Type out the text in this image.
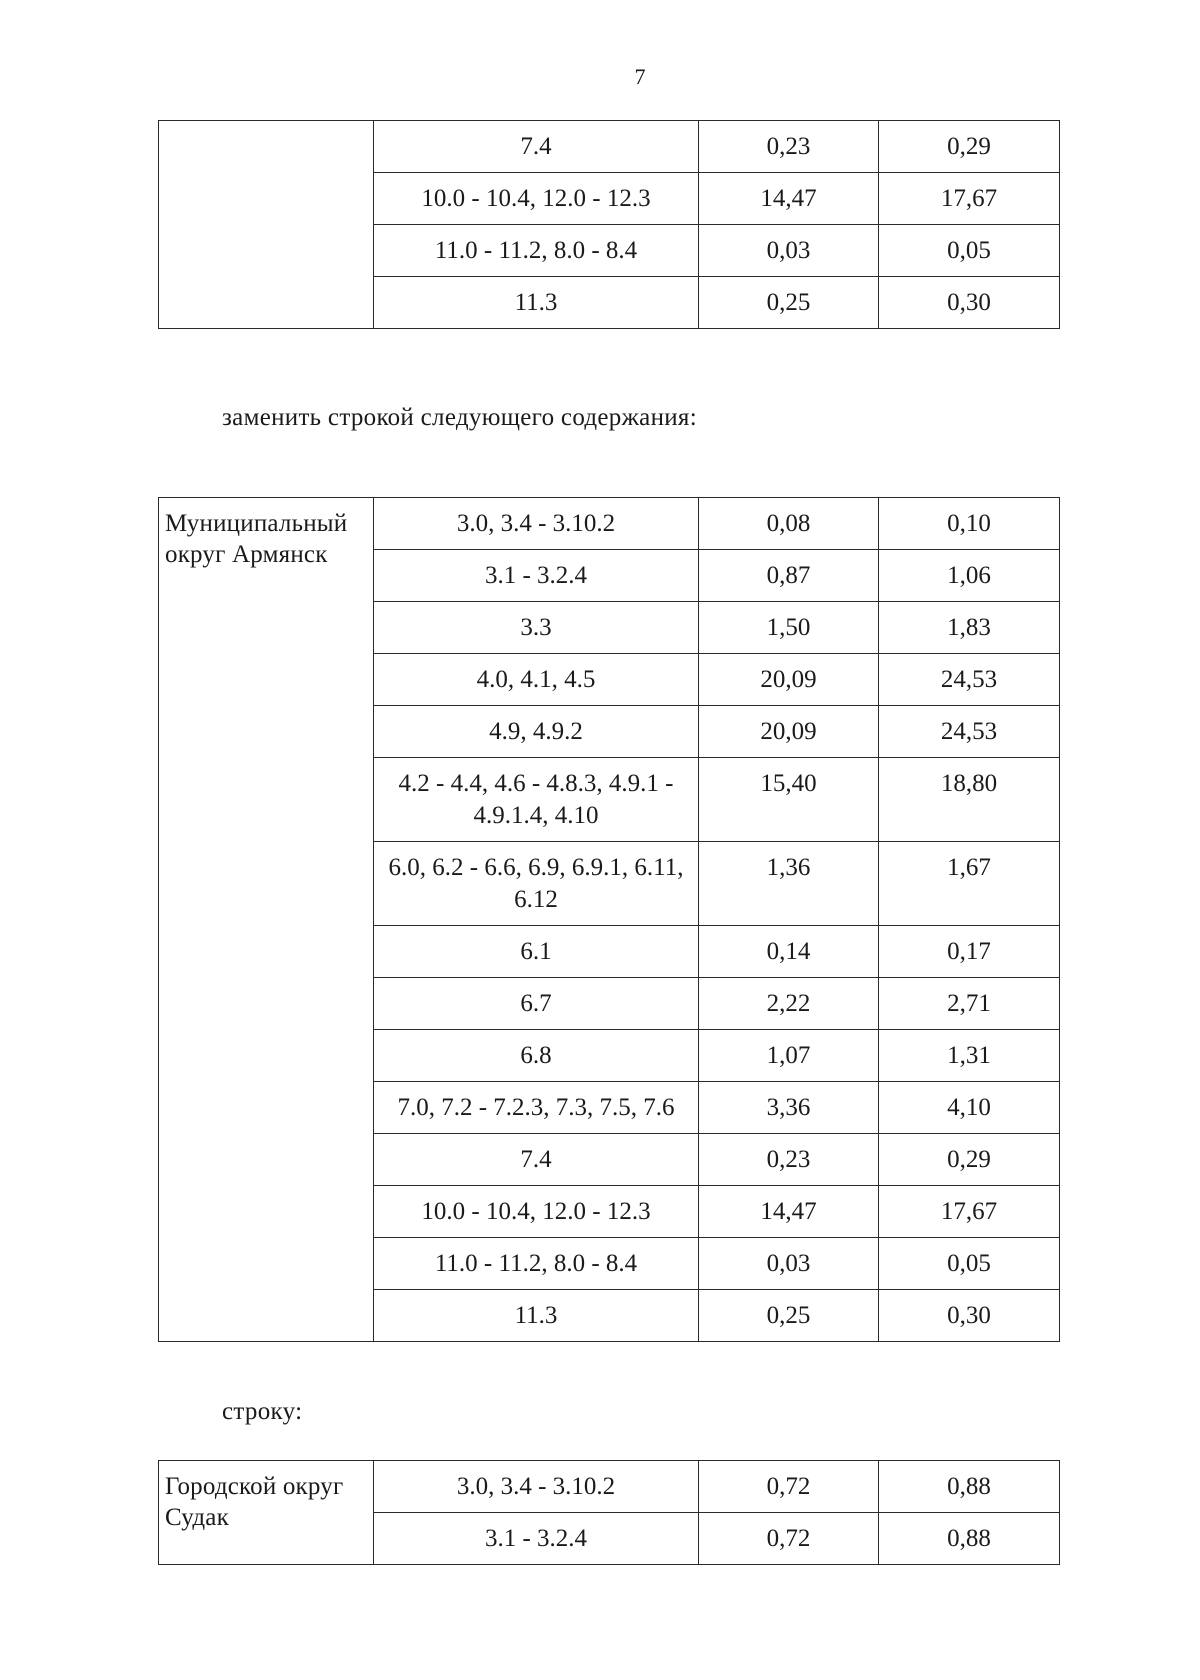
7
	7.4	0,23	0,29
	10.0 - 10.4, 12.0 - 12.3	14,47	17,67
	11.0 - 11.2, 8.0 - 8.4	0,03	0,05
	11.3	0,25	0,30
заменить строкой следующего содержания:
Муниципальный округ Армянск	3.0, 3.4 - 3.10.2	0,08	0,10
	3.1 - 3.2.4	0,87	1,06
	3.3	1,50	1,83
	4.0, 4.1, 4.5	20,09	24,53
	4.9, 4.9.2	20,09	24,53
	4.2 - 4.4, 4.6 - 4.8.3, 4.9.1 - 4.9.1.4, 4.10	15,40	18,80
	6.0, 6.2 - 6.6, 6.9, 6.9.1, 6.11, 6.12	1,36	1,67
	6.1	0,14	0,17
	6.7	2,22	2,71
	6.8	1,07	1,31
	7.0, 7.2 - 7.2.3, 7.3, 7.5, 7.6	3,36	4,10
	7.4	0,23	0,29
	10.0 - 10.4, 12.0 - 12.3	14,47	17,67
	11.0 - 11.2, 8.0 - 8.4	0,03	0,05
	11.3	0,25	0,30
строку:
Городской округ Судак	3.0, 3.4 - 3.10.2	0,72	0,88
	3.1 - 3.2.4	0,72	0,88
